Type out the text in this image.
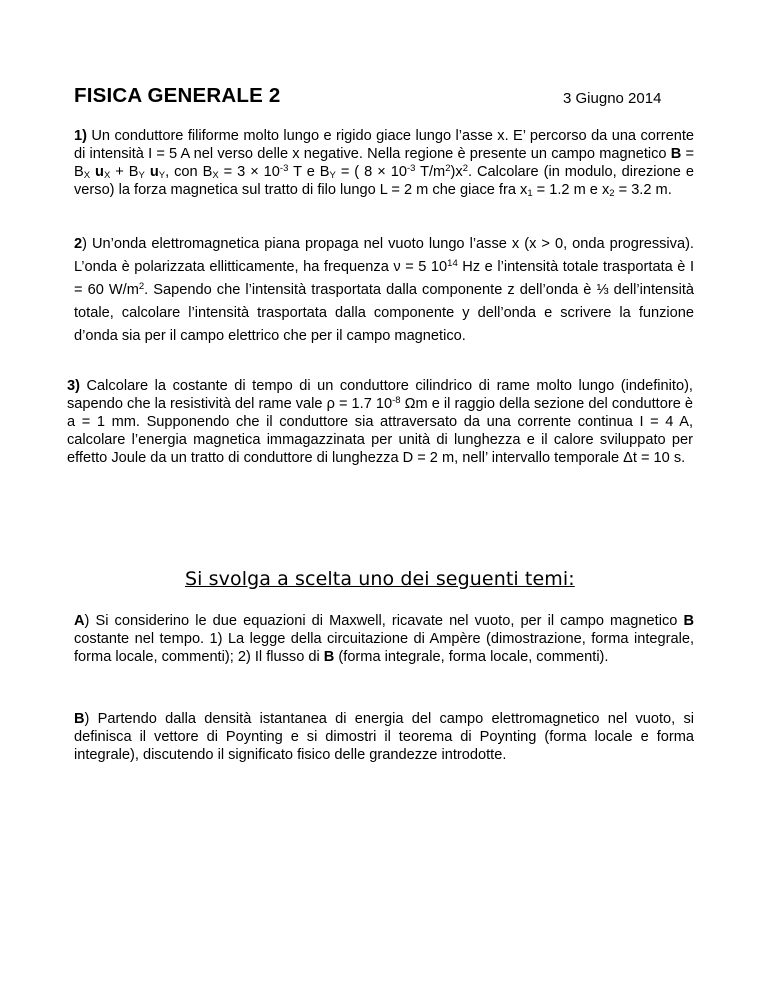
FISICA GENERALE 2	3 Giugno 2014
1) Un conduttore filiforme molto lungo e rigido giace lungo l’asse x. E’ percorso da una corrente di intensità I = 5 A nel verso delle x negative. Nella regione è presente un campo magnetico $B = B_X$ $u_X + B_Y$ $u_Y$, con $B_X = 3 \times 10^{-3}$ T e $B_Y$ = ( $8 \times 10^{-3}$ $T/m^2)x^2$. Calcolare (in modulo, direzione e verso) la forza magnetica sul tratto di filo lungo L = 2 m che giace fra $x_1 = 1.2$ m e $x_2 = 3.2$ m.
2) Un’onda elettromagnetica piana propaga nel vuoto lungo l’asse x (x > 0, onda progressiva). L’onda è polarizzata ellitticamente, ha frequenza ν = 5 $10^{14}$ Hz e l’intensità totale trasportata è I = 60 $W/m^2$. Sapendo che l’intensità trasportata dalla componente z dell’onda è ⅓ dell’intensità totale, calcolare l’intensità trasportata dalla componente y dell’onda e scrivere la funzione d’onda sia per il campo elettrico che per il campo magnetico.
3) Calcolare la costante di tempo di un conduttore cilindrico di rame molto lungo (indefinito), sapendo che la resistività del rame vale ρ = 1.7 $10^{-8}$ Ωm e il raggio della sezione del conduttore è a = 1 mm. Supponendo che il conduttore sia attraversato da una corrente continua I = 4 A, calcolare l’energia magnetica immagazzinata per unità di lunghezza e il calore sviluppato per effetto Joule da un tratto di conduttore di lunghezza D = 2 m, nell’ intervallo temporale Δt = 10 s.
Si svolga a scelta uno dei seguenti temi:
A) Si considerino le due equazioni di Maxwell, ricavate nel vuoto, per il campo magnetico B costante nel tempo. 1) La legge della circuitazione di Ampère (dimostrazione, forma integrale, forma locale, commenti); 2) Il flusso di B (forma integrale, forma locale, commenti).
B) Partendo dalla densità istantanea di energia del campo elettromagnetico nel vuoto, si definisca il vettore di Poynting e si dimostri il teorema di Poynting (forma locale e forma integrale), discutendo il significato fisico delle grandezze introdotte.
